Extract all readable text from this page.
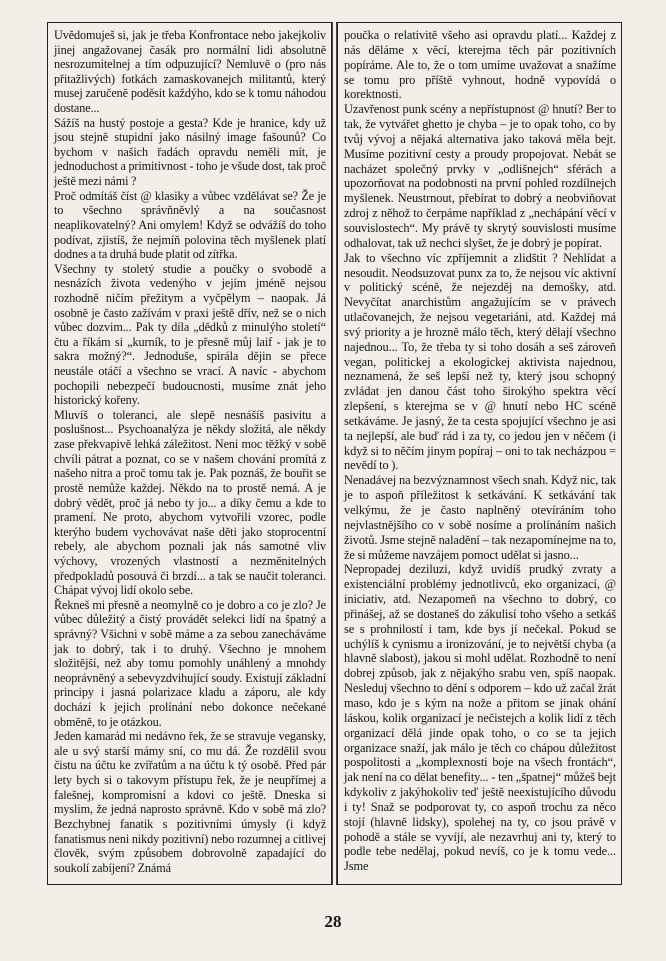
Uvědomuješ si, jak je třeba Konfrontace nebo jakejkoliv jinej angažovanej časák pro normální lidi absolutně nesrozumitelnej a tím odpuzující? Nemluvě o (pro nás přitažlivých) fotkách zamaskovanejch militantů, který musej zaručeně poděsit každýho, kdo se k tomu náhodou dostane...

Sážíš na hustý postoje a gesta? Kde je hranice, kdy už jsou stejně stupidní jako násilný image fašounů? Co bychom v našich řadách opravdu neměli mít, je jednoduchost a primitivnost - toho je všude dost, tak proč ještě mezi námi ?

Proč odmítáš číst @ klasiky a vůbec vzdělávat se? Že je to všechno správňněvlý a na současnost neaplikovatelný? Ani omylem! Když se odvážíš do toho podívat, zjistíš, že nejmíň polovina těch myšlenek platí dodnes a ta druhá bude platit od zítřka.

Všechny ty stoletý studie a poučky o svobodě a nesnázích života vedenýho v jejím jméně nejsou rozhodně ničím přežitym a vyčpělym – naopak. Já osobně je často zažívám v praxi ještě dřív, než se o nich vůbec dozvim... Pak ty díla „dědků z minulýho století“ čtu a říkám si „kurník, to je přesně můj laif - jak je to sakra možný?“. Jednoduše, spirála dějin se přece neustále otáčí a všechno se vrací. A navíc - abychom pochopili nebezpečí budoucnosti, musíme znát jeho historický kořeny.

Mluvíš o toleranci, ale slepě nesnášíš pasivitu a poslušnost... Psychoanalýza je někdy složitá, ale někdy zase překvapivě lehká záležitost. Neni moc těžký v sobě chvíli pátrat a poznat, co se v našem chování promítá z našeho nitra a proč tomu tak je. Pak poznáš, že bouřit se prostě nemůže každej. Někdo na to prostě nemá. A je dobrý vědět, proč já nebo ty jo... a díky čemu a kde to pramení. Ne proto, abychom vytvořili vzorec, podle kterýho budem vychovávat naše děti jako stoprocentní rebely, ale abychom poznali jak nás samotné vliv výchovy, vrozených vlastností a nezměnitelných předpokladů posouvá či brzdí... a tak se naučit toleranci. Chápat vývoj lidí okolo sebe.

Řekneš mi přesně a neomylně co je dobro a co je zlo? Je vůbec důležitý a čistý provádět selekci lidí na špatný a správný? Všichni v sobě máme a za sebou zanecháváme jak to dobrý, tak i to druhý. Všechno je mnohem složitější, než aby tomu pomohly unáhlený a mnohdy neoprávněný a sebevyzdvihující soudy. Existují základní principy i jasná polarizace kladu a záporu, ale kdy dochází k jejich prolínání nebo dokonce nečekané obměně, to je otázkou.

Jeden kamarád mi nedávno řek, že se stravuje vegansky, ale u svý starší mámy sní, co mu dá. Že rozdělil svou čistu na účtu ke zvířatům a na účtu k tý osobě. Před pár lety bych si o takovym přístupu řek, že je neupřímej a falešnej, kompromisní a kdovi co ještě. Dneska si myslim, že jedná naprosto správně. Kdo v sobě má zlo? Bezchybnej fanatik s pozitivními úmysly (i když fanatismus neni nikdy pozitivní) nebo rozumnej a citlivej člověk, svým způsobem dobrovolně zapadající do soukolí zabíjení? Známá

poučka o relativitě všeho asi opravdu platí... Každej z nás děláme x věcí, kterejma těch pár pozitivních popíráme. Ale to, že o tom umíme uvažovat a snažíme se tomu pro příště vyhnout, hodně vypovídá o korektnosti.

Uzavřenost punk scény a nepřístupnost @ hnutí? Ber to tak, že vytvářet ghetto je chyba – je to opak toho, co by tvůj vývoj a nějaká alternativa jako taková měla bejt. Musíme pozitivní cesty a proudy propojovat. Nebát se nacházet společný prvky v „odlišnejch“ sférách a upozorňovat na podobnosti na první pohled rozdílnejch myšlenek. Neustrnout, přebírat to dobrý a neobviňovat zdroj z něhož to čerpáme například z „nechápání věcí v souvislostech“. My právě ty skrytý souvislosti musíme odhalovat, tak už nechci slyšet, že je dobrý je popírat.

Jak to všechno víc zpříjemnit a zlidštit ? Nehlídat a nesoudit. Neodsuzovat punx za to, že nejsou víc aktivní v politický scéně, že nejezděj na demošky, atd. Nevyčítat anarchistům angažujícím se v právech utlačovanejch, že nejsou vegetariáni, atd. Každej má svý priority a je hrozně málo těch, který dělají všechno najednou... To, že třeba ty si toho dosáh a seš zároveň vegan, politickej a ekologickej aktivista najednou, neznamená, že seš lepší než ty, který jsou schopný zvládat jen danou část toho širokýho spektra věcí zlepšení, s kterejma se v @ hnutí nebo HC scéně setkáváme. Je jasný, že ta cesta spojující všechno je asi ta nejlepší, ale buď rád i za ty, co jedou jen v něčem (i když si to něčím jinym popíraj – oni to tak necházpou = nevědí to ).

Nenadávej na bezvýznamnost všech snah. Když nic, tak je to aspoň příležitost k setkávání. K setkávání tak velkýmu, že je často naplněný otevíráním toho nejvlastnějšího co v sobě nosíme a prolínáním našich životů. Jsme stejně naladění – tak nezapomínejme na to, že si můžeme navzájem pomoct udělat si jasno...

Nepropadej deziluzi, když uvidíš prudký zvraty a existenciální problémy jednotlivců, eko organizací, @ iniciativ, atd. Nezapomeň na všechno to dobrý, co přinášej, až se dostaneš do zákulisí toho všeho a setkáš se s prohnilostí i tam, kde bys jí nečekal. Pokud se uchýlíš k cynismu a ironizování, je to největší chyba (a hlavně slabost), jakou si mohl udělat. Rozhodně to není dobrej způsob, jak z nějakýho srabu ven, spíš naopak. Nesleduj všechno to dění s odporem – kdo už začal žrát maso, kdo je s kým na nože a přitom se jinak ohání láskou, kolik organizací je nečistejch a kolik lidí z těch organizací dělá jinde opak toho, o co se ta jejich organizace snaží, jak málo je těch co chápou důležitost pospolitosti a „komplexnosti boje na všech frontách“, jak není na co dělat benefity... - ten „špatnej“ můžeš bejt kdykoliv z jakýhokoliv teď ještě neexistujícího důvodu i ty! Snaž se podporovat ty, co aspoň trochu za něco stojí (hlavně lidsky), spolehej na ty, co jsou právě v pohodě a stále se vyvíjí, ale nezavrhuj ani ty, který to podle tebe nedělaj, pokud nevíš, co je k tomu vede... Jsme

28
